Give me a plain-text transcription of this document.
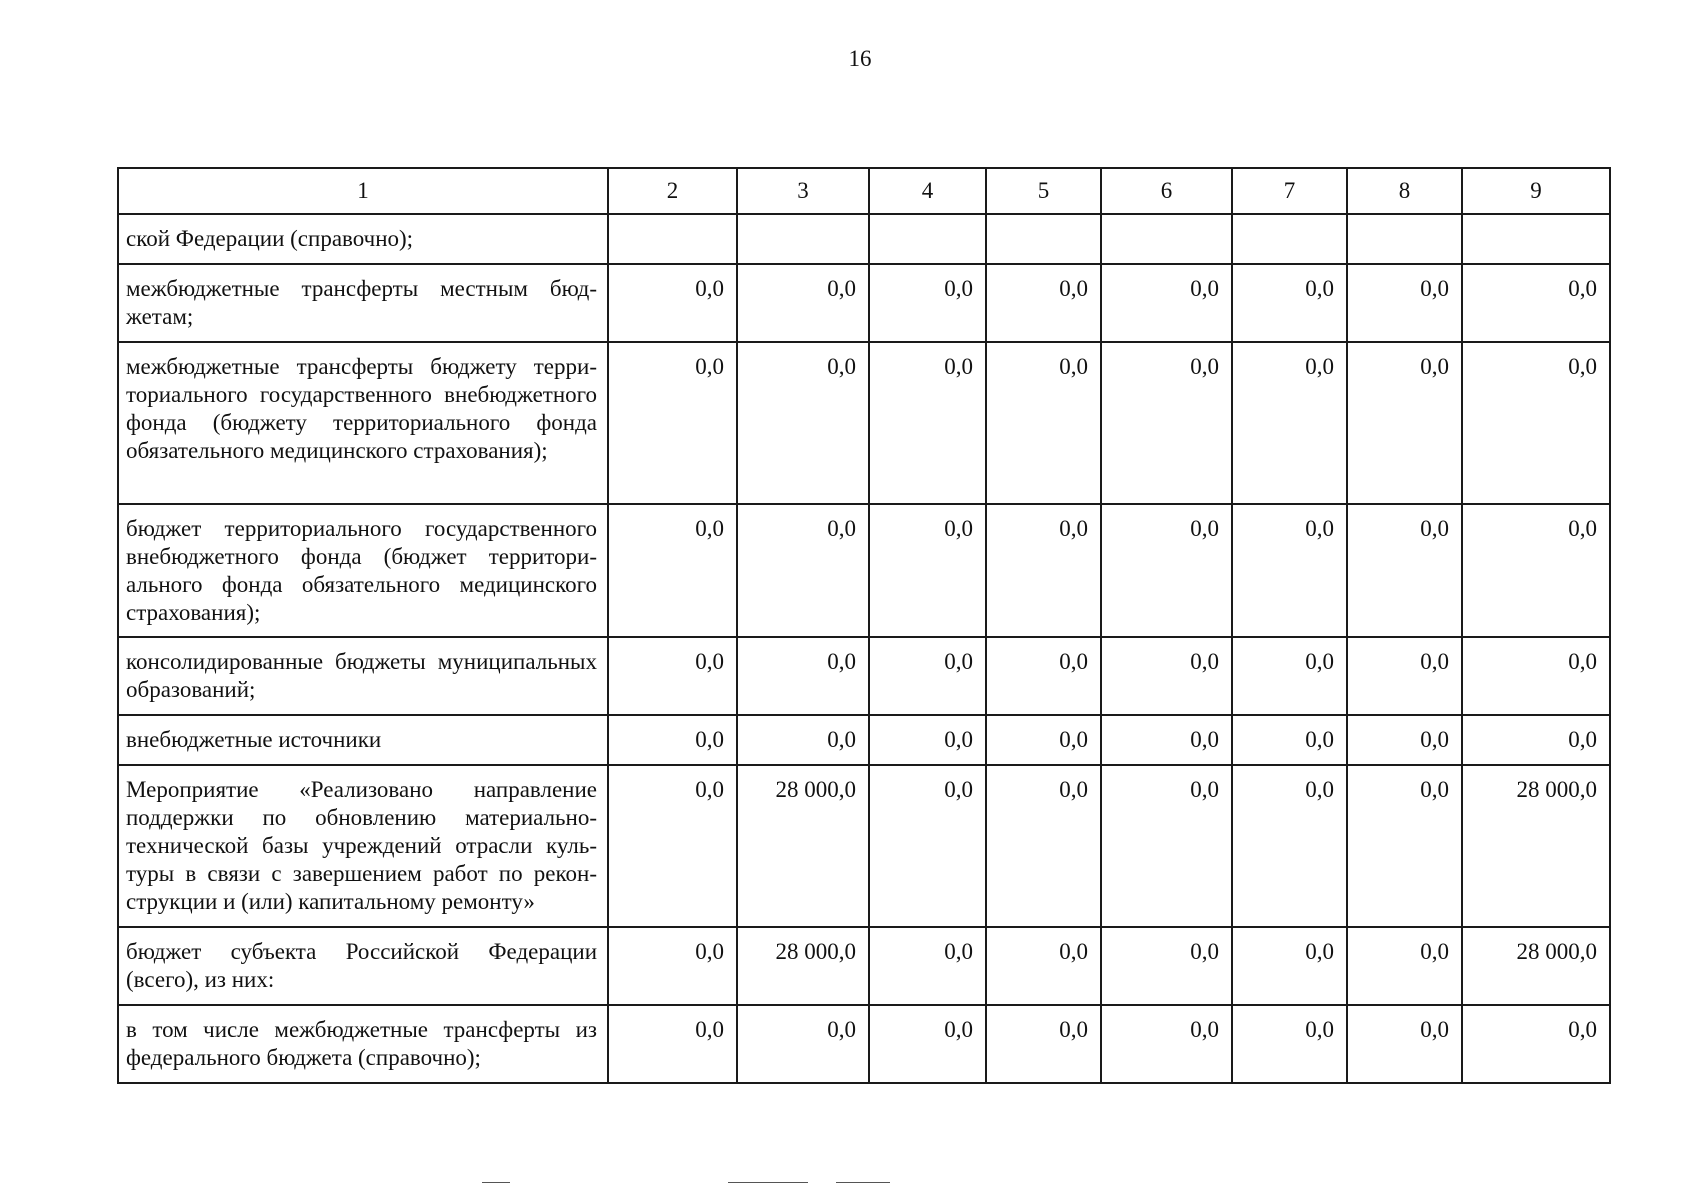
16
1	2	3	4	5	6	7	8	9
ской Федерации (справочно);								
межбюджетные трансферты местным бюджетам;	0,0	0,0	0,0	0,0	0,0	0,0	0,0	0,0
межбюджетные трансферты бюджету территориального государственного внебюджетного фонда (бюджету территориального фонда обязательного медицинского страхования);	0,0	0,0	0,0	0,0	0,0	0,0	0,0	0,0
бюджет территориального государственного внебюджетного фонда (бюджет территориального фонда обязательного медицинского страхования);	0,0	0,0	0,0	0,0	0,0	0,0	0,0	0,0
консолидированные бюджеты муниципальных образований;	0,0	0,0	0,0	0,0	0,0	0,0	0,0	0,0
внебюджетные источники	0,0	0,0	0,0	0,0	0,0	0,0	0,0	0,0
Мероприятие «Реализовано направление поддержки по обновлению материально-технической базы учреждений отрасли культуры в связи с завершением работ по реконструкции и (или) капитальному ремонту»	0,0	28 000,0	0,0	0,0	0,0	0,0	0,0	28 000,0
бюджет субъекта Российской Федерации (всего), из них:	0,0	28 000,0	0,0	0,0	0,0	0,0	0,0	28 000,0
в том числе межбюджетные трансферты из федерального бюджета (справочно);	0,0	0,0	0,0	0,0	0,0	0,0	0,0	0,0
